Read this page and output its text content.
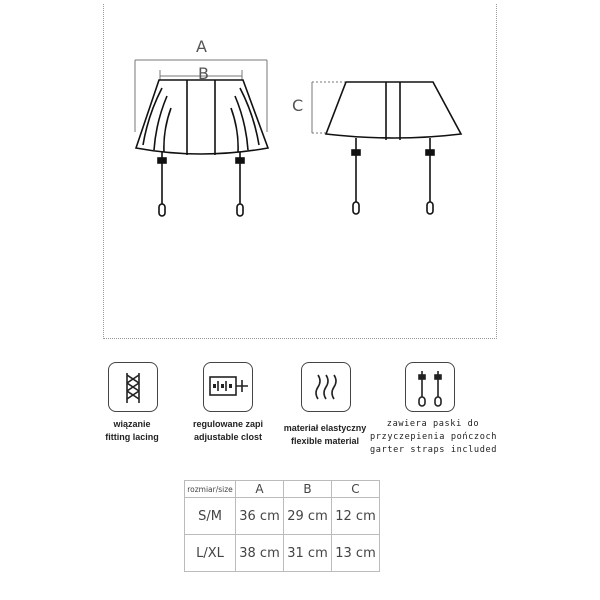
A
B
C
wiązanie
fitting lacing
regulowane zapi
adjustable clost
materiał elastyczny
flexible material
zawiera paski do
przyczepienia pończoch
garter straps included
rozmiar/size	A	B	C
S/M	36 cm	29 cm	12 cm
L/XL	38 cm	31 cm	13 cm
